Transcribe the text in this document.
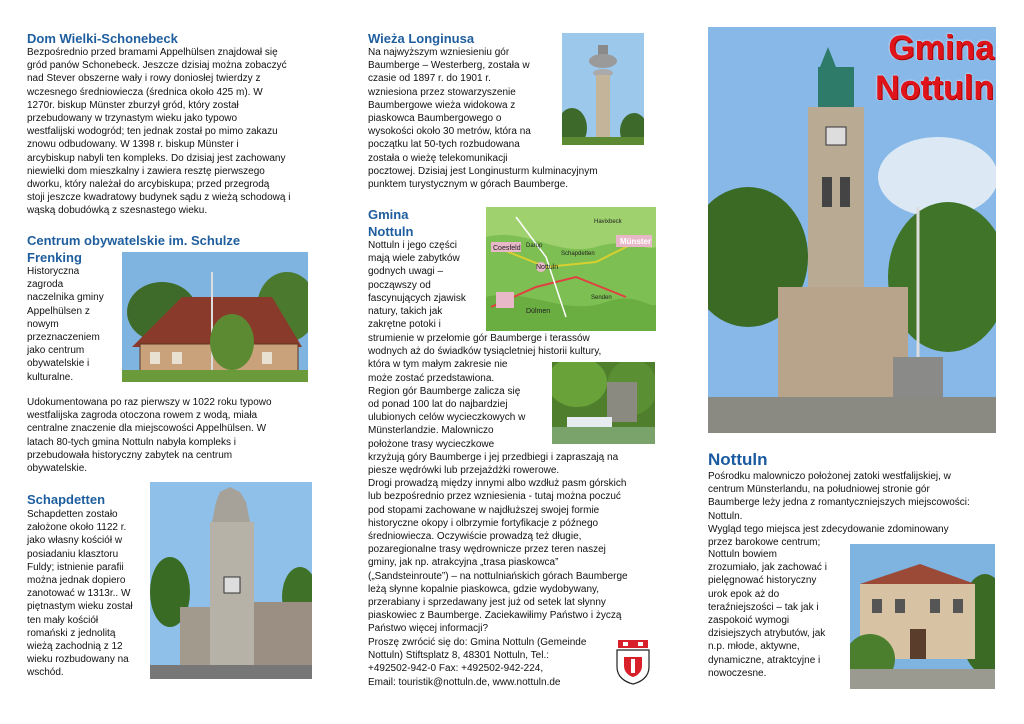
Dom Wielki-Schonebeck

Bezpośrednio przed bramami Appelhülsen znajdował się
gród panów Schonebeck. Jeszcze dzisiaj można zobaczyć
nad Stever obszerne wały i rowy doniosłej twierdzy z
wczesnego średniowiecza (średnica około 425 m). W
1270r. biskup Münster zburzył gród, który został
przebudowany w trzynastym wieku jako typowo
westfalijski wodogród; ten jednak został po mimo zakazu
znowu odbudowany. W 1398 r. biskup Münster i
arcybiskup nabyli ten kompleks. Do dzisiaj jest zachowany
niewielki dom mieszkalny i zawiera resztę pierwszego
dworku, który należał do arcybiskupa; przed przegrodą
stoji jeszcze kwadratowy budynek sądu z wieżą schodową i
wąską dobudówką z szesnastego wieku.

Centrum obywatelskie im. Schulze
Frenking

Historyczna
zagroda
naczelnika gminy
Appelhülsen z
nowym
przeznaczeniem
jako centrum
obywatelskie i
kulturalne.

Udokumentowana po raz pierwszy w 1022 roku typowo
westfalijska zagroda otoczona rowem z wodą, miała
centralne znaczenie dla miejscowości Appelhülsen. W
latach 80-tych gmina Nottuln nabyła kompleks i
przebudowała historyczny zabytek na centrum
obywatelskie.

Schapdetten

Schapdetten zostało
założone około 1122 r.
jako własny kościół w
posiadaniu klasztoru
Fuldy; istnienie parafii
można jednak dopiero
zanotować w 1313r.. W
piętnastym wieku został
ten mały kościół
romański z jednolitą
wieżą zachodnią z 12
wieku rozbudowany na
wschód.

Wieża Longinusa

Na najwyższym wzniesieniu gór
Baumberge – Westerberg, została w
czasie od 1897 r. do 1901 r.
wzniesiona przez stowarzyszenie
Baumbergowe wieża widokowa z
piaskowca Baumbergowego o
wysokości około 30 metrów, która na
początku lat 50-tych rozbudowana
została o wieżę telekomunikacji
pocztowej. Dzisiaj jest Longinusturm kulminacyjnym
punktem turystycznym w górach Baumberge.

Gmina
Nottuln
Coesfeld
Havixbeck
Münster
Darup
Nottuln
Schapdetten
Senden
Dülmen

Nottuln i jego części
mają wiele zabytków
godnych uwagi –
począwszy od
fascynujących zjawisk
natury, takich jak
zakrętne potoki i

strumienie w przełomie gór Baumberge i terassów
wodnych aż do świadków tysiącletniej historii kultury,
która w tym małym zakresie nie
może zostać przedstawiona.
Region gór Baumberge zalicza się
od ponad 100 lat do najbardziej
ulubionych celów wycieczkowych w
Münsterlandzie. Malowniczo
położone trasy wycieczkowe
krzyżują góry Baumberge i jej przedbiegi i zapraszają na
piesze wędrówki lub przejażdżki rowerowe.
Drogi prowadzą między innymi albo wzdłuż pasm górskich
lub bezpośrednio przez wzniesienia - tutaj można poczuć
pod stopami zachowane w najdłuższej swojej formie
historyczne okopy i olbrzymie fortyfikacje z późnego
średniowiecza. Oczywiście prowadzą też długie,
pozaregionalne trasy wędrownicze przez teren naszej
gminy, jak np. atrakcyjna „trasa piaskowca”
(„Sandsteinroute”) – na nottulniańskich górach Baumberge
leżą słynne kopalnie piaskowca, gdzie wydobywany,
przerabiany i sprzedawany jest już od setek lat słynny
piaskowiec z Baumberge. Zaciekawiłimy Państwo i życzą
Państwo więcej informacji?

Proszę zwrócić się do: Gmina Nottuln (Gemeinde
Nottuln) Stiftsplatz 8, 48301 Nottuln, Tel.:
+492502-942-0 Fax: +492502-942-224,
Email: touristik@nottuln.de, www.nottuln.de

Gmina
Nottuln
Nottuln

Pośrodku malowniczo położonej zatoki westfalijskiej, w
centrum Münsterlandu, na południowej stronie gór
Baumberge leży jedna z romantyczniejszych miejscowości:
Nottuln.
Wygląd tego miejsca jest zdecydowanie zdominowany
przez barokowe centrum;

Nottuln bowiem
zrozumiało, jak zachować i
pielęgnować historyczny
urok epok aż do
teraźniejszości – tak jak i
zaspokoić wymogi
dzisiejszych atrybutów, jak
n.p. młode, aktywne,
dynamiczne, atraktcyjne i
nowoczesne.
